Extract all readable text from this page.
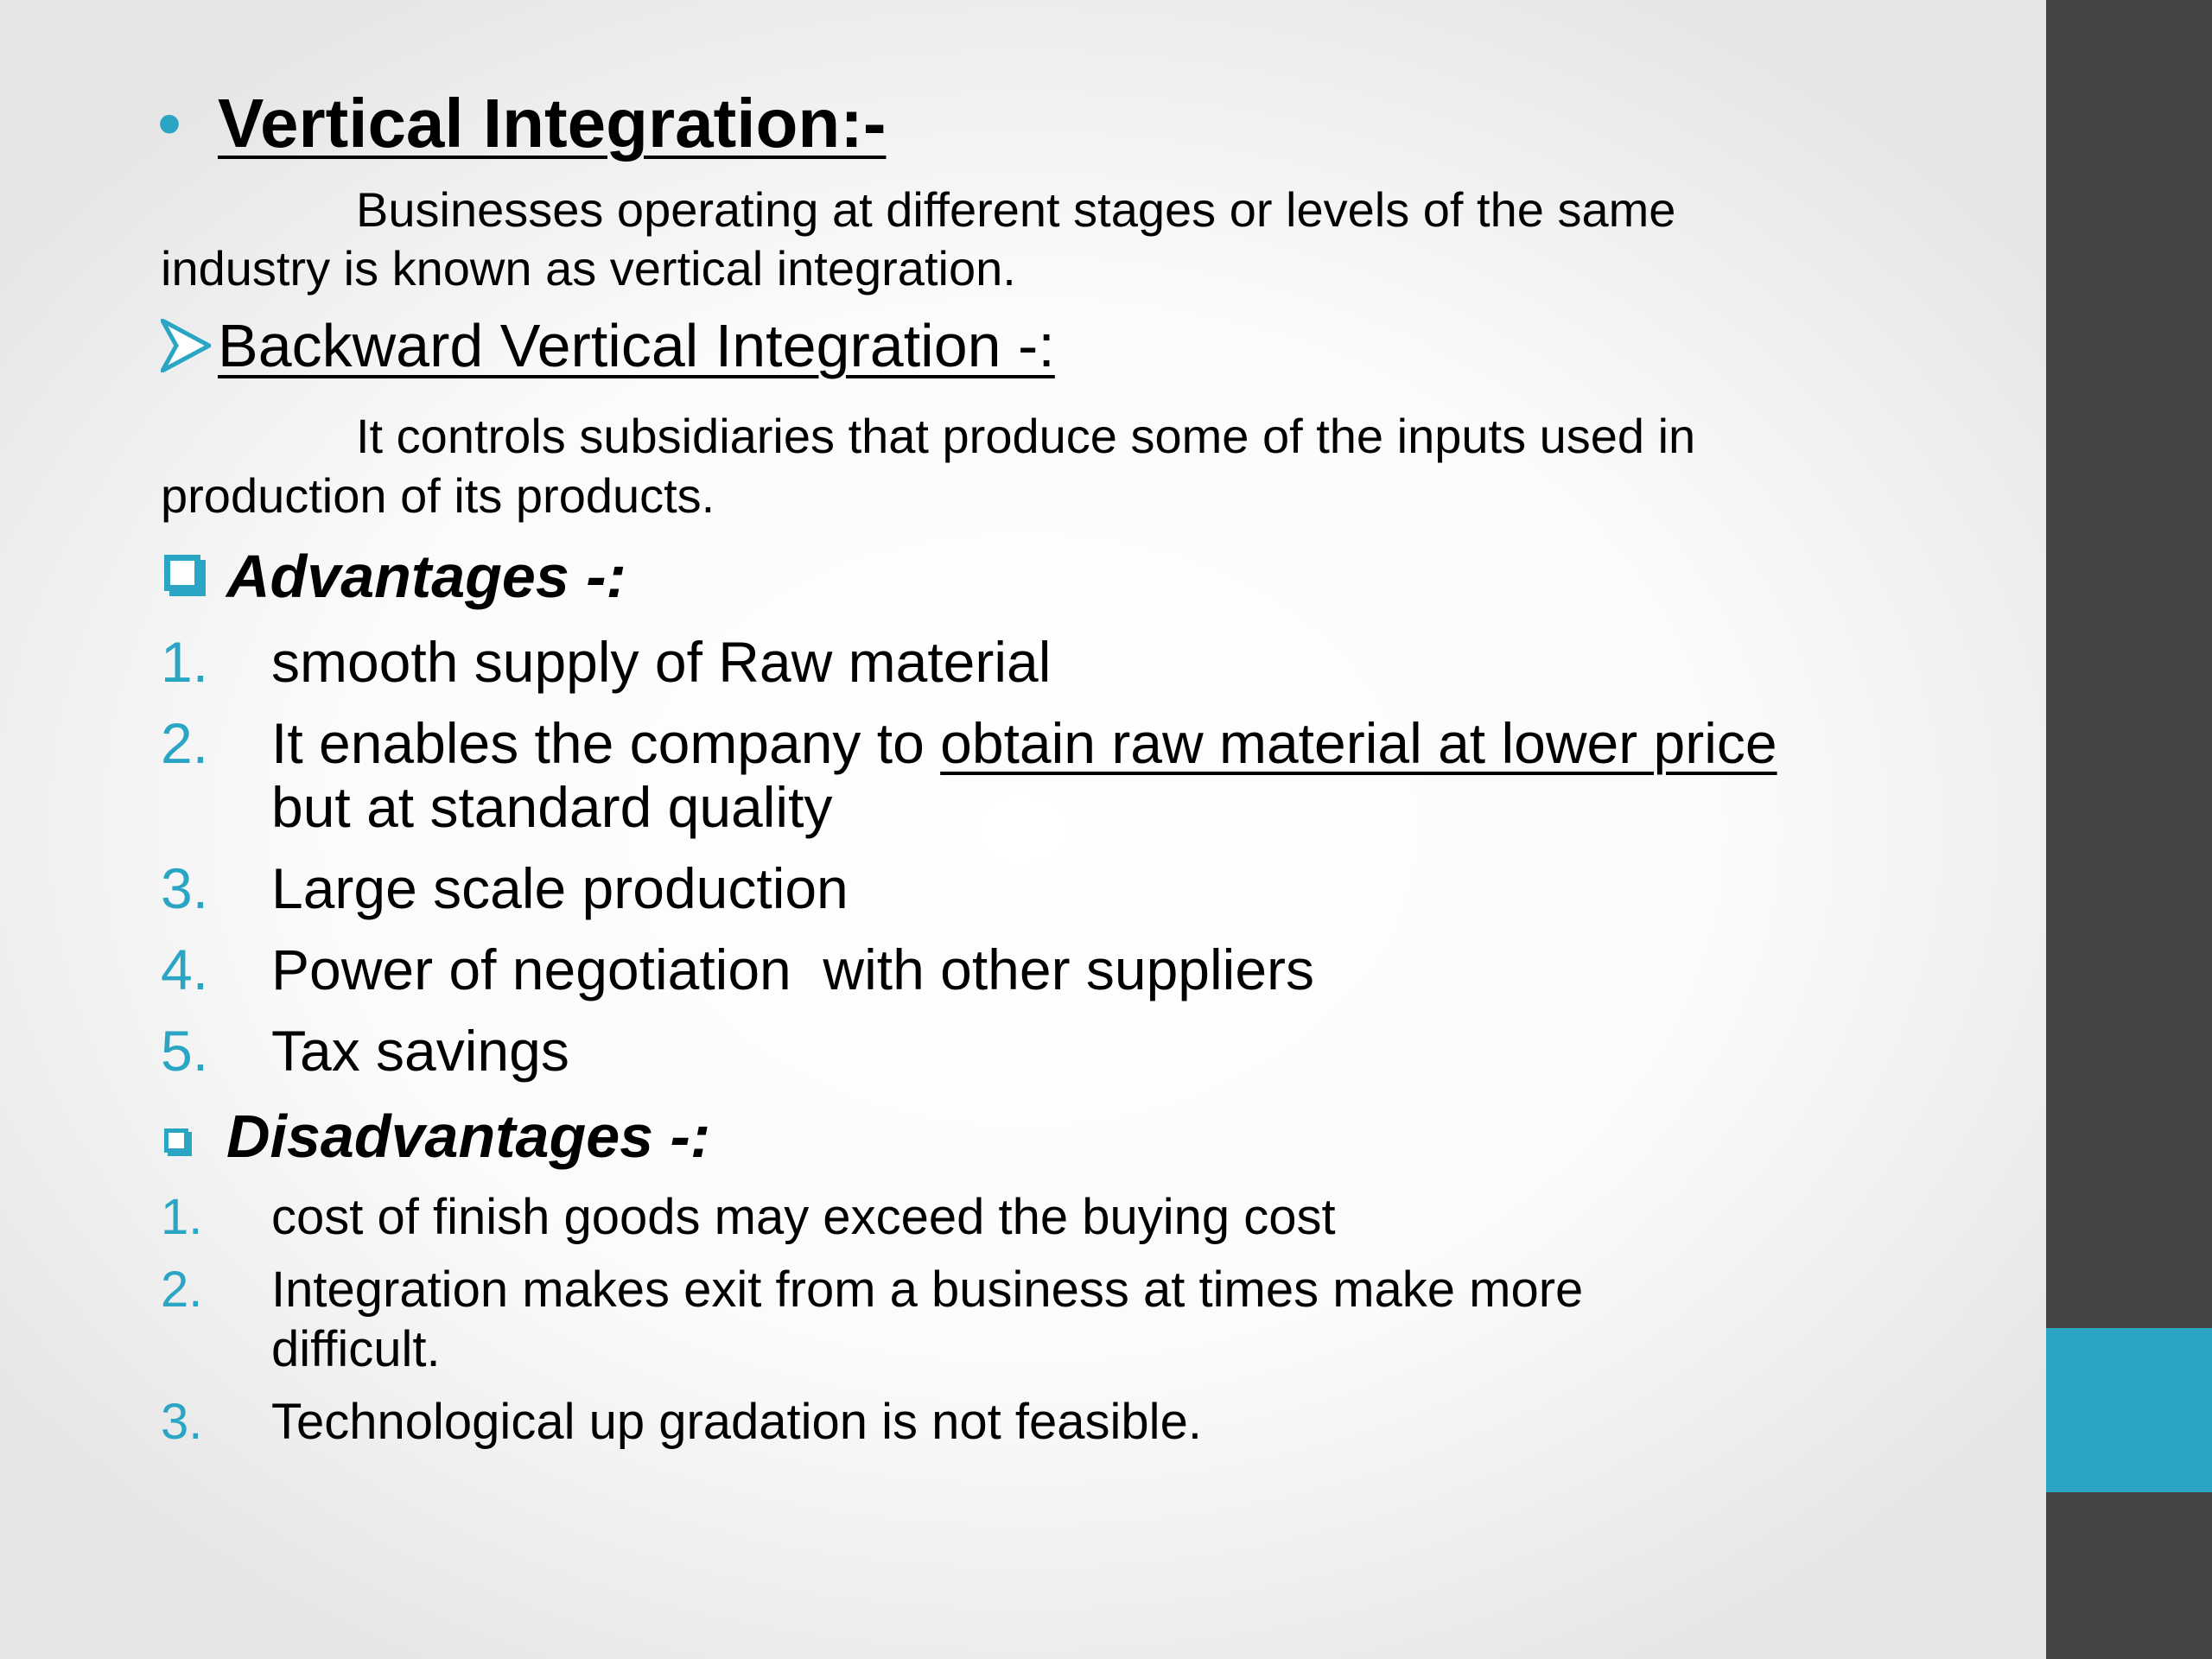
• Vertical Integration:-
Businesses operating at different stages or levels of the same
industry is known as vertical integration.
Backward Vertical Integration -:
It controls subsidiaries that produce some of the inputs used in
production of its products.
Advantages -:
1. smooth supply of Raw material
2. It enables the company to obtain raw material at lower price
but at standard quality
3. Large scale production
4. Power of negotiation  with other suppliers
5. Tax savings
Disadvantages -:
1. cost of finish goods may exceed the buying cost
2. Integration makes exit from a business at times make more
difficult.
3. Technological up gradation is not feasible.
